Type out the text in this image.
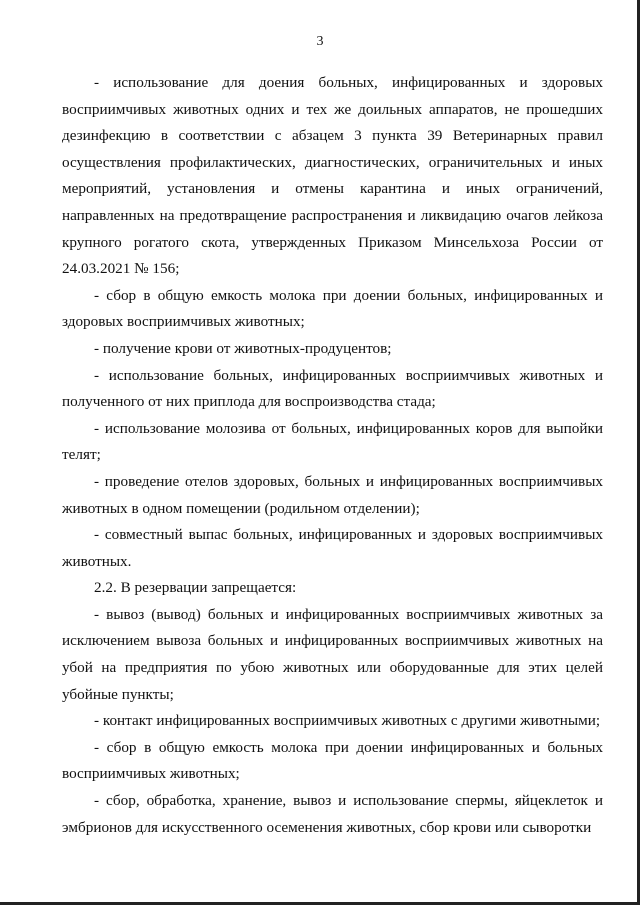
3

- использование для доения больных, инфицированных и здоровых восприимчивых животных одних и тех же доильных аппаратов, не прошедших дезинфекцию в соответствии с абзацем 3 пункта 39 Ветеринарных правил осуществления профилактических, диагностических, ограничительных и иных мероприятий, установления и отмены карантина и иных ограничений, направленных на предотвращение распространения и ликвидацию очагов лейкоза крупного рогатого скота, утвержденных Приказом Минсельхоза России от 24.03.2021 № 156;

- сбор в общую емкость молока при доении больных, инфицированных и здоровых восприимчивых животных;

- получение крови от животных-продуцентов;

- использование больных, инфицированных восприимчивых животных и полученного от них приплода для воспроизводства стада;

- использование молозива от больных, инфицированных коров для выпойки телят;

- проведение отелов здоровых, больных и инфицированных восприимчивых животных в одном помещении (родильном отделении);

- совместный выпас больных, инфицированных и здоровых восприимчивых животных.

2.2. В резервации запрещается:

- вывоз (вывод) больных и инфицированных восприимчивых животных за исключением вывоза больных и инфицированных восприимчивых животных на убой на предприятия по убою животных или оборудованные для этих целей убойные пункты;

- контакт инфицированных восприимчивых животных с другими животными;

- сбор в общую емкость молока при доении инфицированных и больных восприимчивых животных;

- сбор, обработка, хранение, вывоз и использование спермы, яйцеклеток и эмбрионов для искусственного осеменения животных, сбор крови или сыворотки
